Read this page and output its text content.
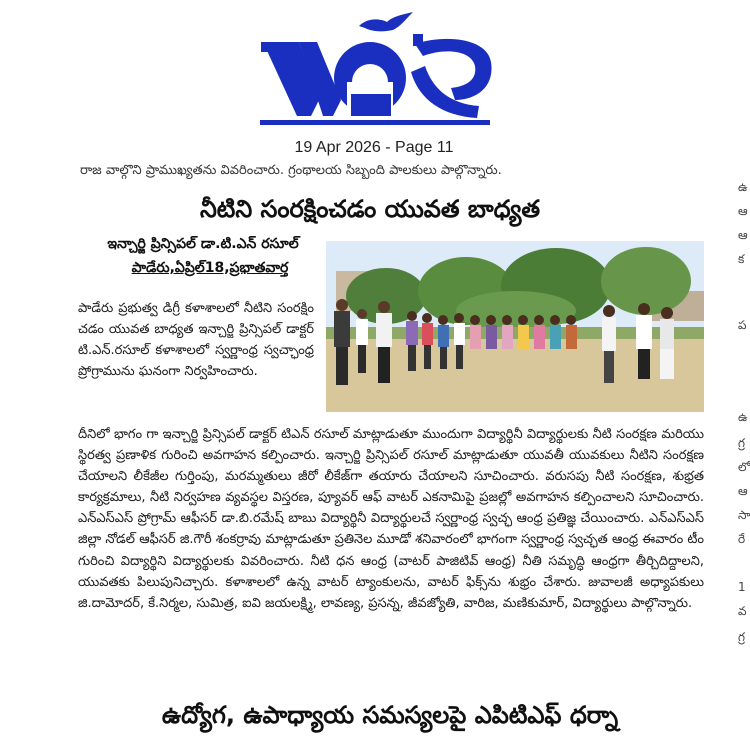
19 Apr 2026 - Page 11
రాజ వాల్గొని ప్రాముఖ్యతను వివరించారు. గ్రంథాలయ సిబ్బంది పాలకులు పాల్గొన్నారు.
నీటిని సంరక్షించడం యువత బాధ్యత
ఇన్చార్జి ప్రిన్సిపల్ డా.టి.ఎన్ రసూల్
పాడేరు,ఏప్రిల్18,ప్రభాతవార్త
పాడేరు ప్రభుత్వ డిగ్రీ కళాశాలలో నీటిని సంరక్షిం చడం యువత బాధ్యత ఇన్చార్జి ప్రిన్సిపల్ డాక్టర్ టి.ఎన్.రసూల్ కళాశాలలో స్వర్ణాంధ్ర స్వచ్ఛాంధ్ర ప్రోగ్రామును ఘనంగా నిర్వహించారు.
దీనిలో భాగం గా ఇన్చార్జి ప్రిన్సిపల్ డాక్టర్ టిఎన్ రసూల్ మాట్లాడుతూ ముందుగా విద్యార్థినీ విద్యార్థులకు నీటి సంరక్షణ మరియు స్థిరత్వ ప్రణాళిక గురించి అవగాహన కల్పించారు. ఇన్చార్జి ప్రిన్సిపల్ రసూల్ మాట్లాడుతూ యువతీ యువకులు నీటిని సంరక్షణ చేయాలని లీకేజీల గుర్తింపు, మరమ్మతులు జీరో లీకేజ్‌గా తయారు చేయాలని సూచించారు. వరుసపు నీటి సంరక్షణ, శుభ్రత కార్యక్రమాలు, నీటి నిర్వహణ వ్యవస్థల విస్తరణ, ప్యూవర్ ఆఫ్ వాటర్ ఎకనామిపై ప్రజల్లో అవగాహన కల్పించాలని సూచించారు. ఎన్ఎస్ఎస్ ప్రోగ్రామ్ ఆఫీసర్ డా.బి.రమేష్ బాబు విద్యార్థినీ విద్యార్థులచే స్వర్ణాంధ్ర స్వచ్ఛ ఆంధ్ర ప్రతిజ్ఞ చేయించారు. ఎన్ఎస్ఎస్ జిల్లా నోడల్ ఆఫీసర్ జి.గౌరీ శంకర్రావు మాట్లాడుతూ ప్రతినెల మూడో శనివారంలో భాగంగా స్వర్ణాంధ్ర స్వచ్ఛత ఆంధ్ర ఈవారం టీం గురించి విద్యార్థిని విద్యార్థులకు వివరించారు. నీటి ధన ఆంధ్ర (వాటర్ పాజిటివ్ ఆంధ్ర) నీతి సమృద్ధి ఆంధ్రగా తీర్చిదిద్దాలని, యువతకు పిలుపునిచ్చారు. కళాశాలలో ఉన్న వాటర్ ట్యాంకులను, వాటర్ ఫిక్స్‌ను శుభ్రం చేశారు. జువాలజీ అధ్యాపకులు జి.దామోదర్, కే.నిర్మల, సుమిత్ర, ఐవి జయలక్ష్మి, లావణ్య, ప్రసన్న, జీవజ్యోతి, వారిజ, మణికుమార్, విద్యార్థులు పాల్గొన్నారు.
ఉద్యోగ, ఉపాధ్యాయ సమస్యలపై ఎపిటిఎఫ్ ధర్నా
ఉ
ఆ
ఆ
క
ప
ఉ
గ్ర
లో
ఆ
సా
రే
1
వ
గ్ర
